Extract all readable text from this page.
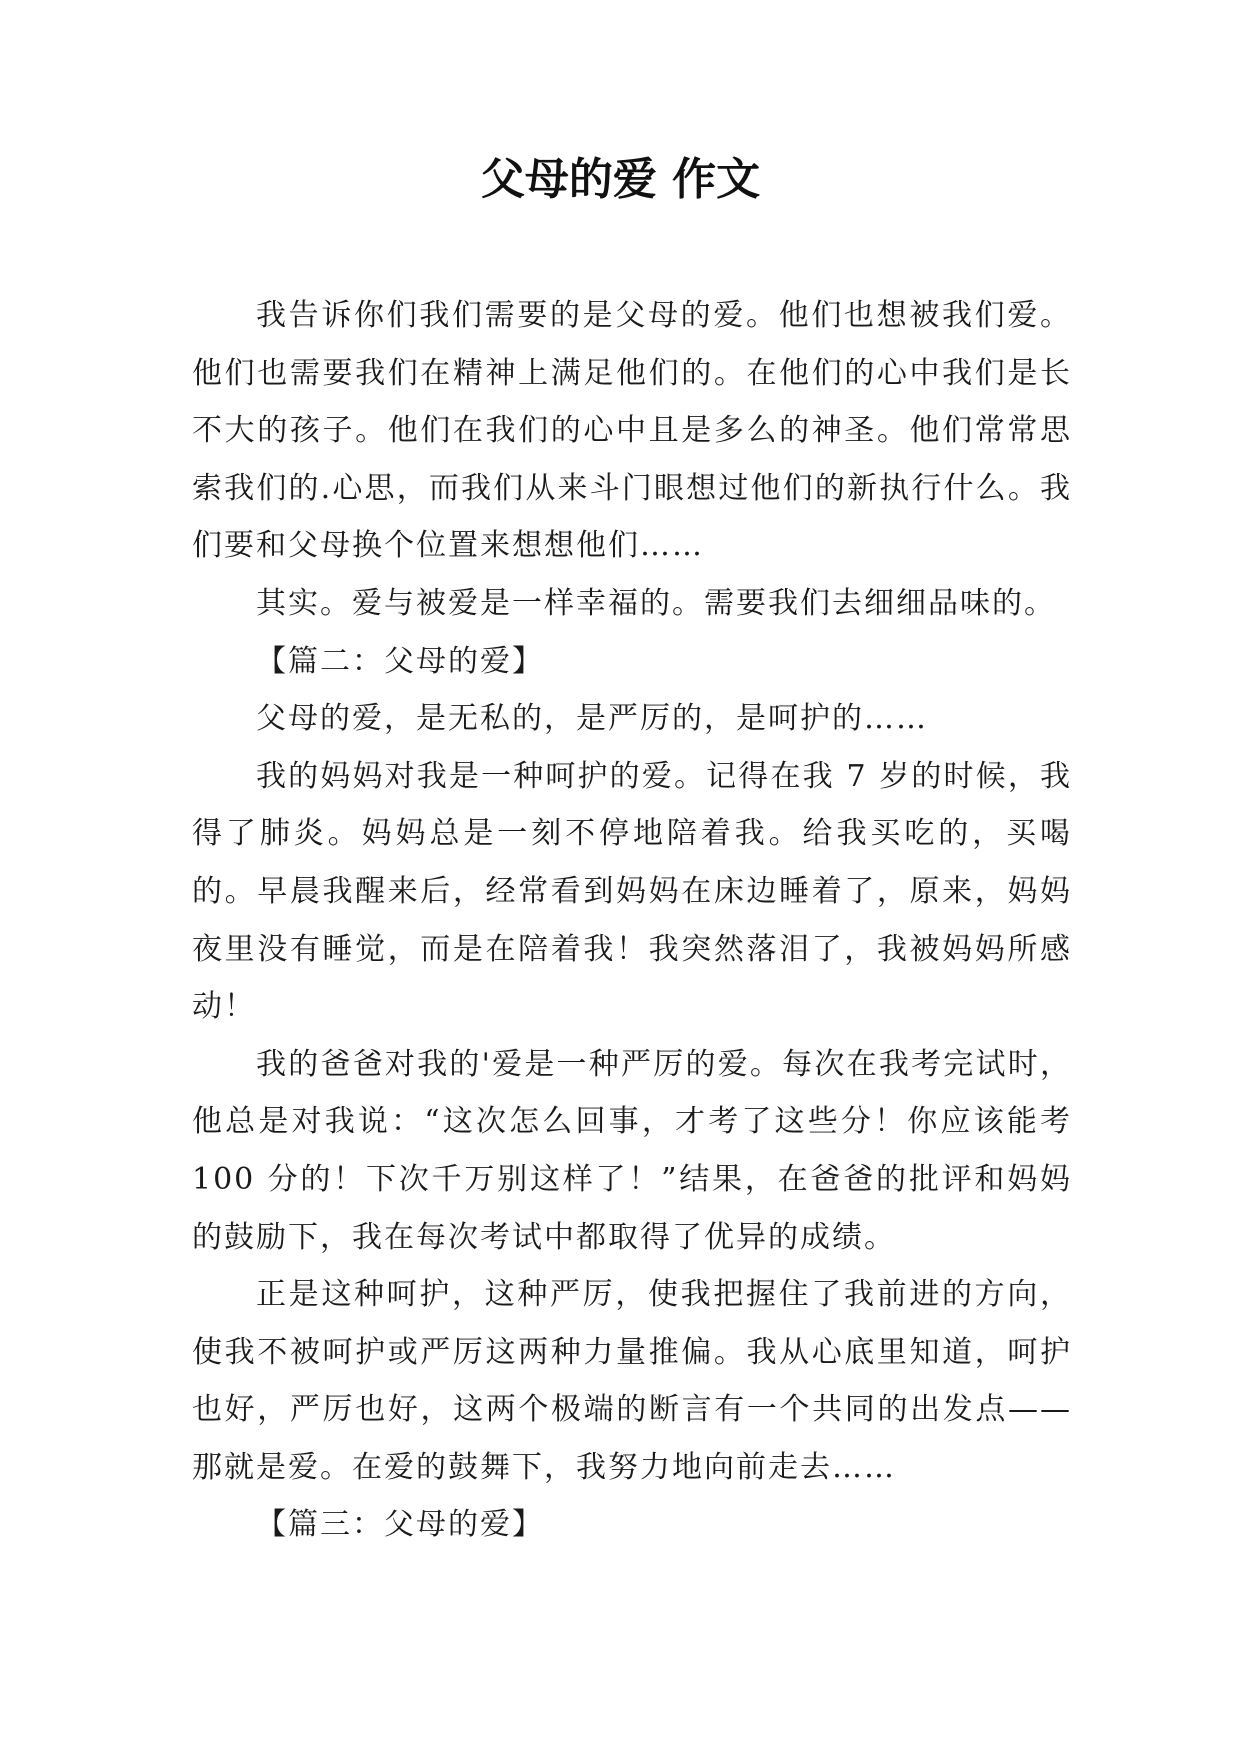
父母的爱 作文

我告诉你们我们需要的是父母的爱。他们也想被我们爱。他们也需要我们在精神上满足他们的。在他们的心中我们是长不大的孩子。他们在我们的心中且是多么的神圣。他们常常思索我们的.心思，而我们从来斗门眼想过他们的新执行什么。我们要和父母换个位置来想想他们……

其实。爱与被爱是一样幸福的。需要我们去细细品味的。

【篇二：父母的爱】

父母的爱，是无私的，是严厉的，是呵护的……

我的妈妈对我是一种呵护的爱。记得在我 7 岁的时候，我得了肺炎。妈妈总是一刻不停地陪着我。给我买吃的，买喝的。早晨我醒来后，经常看到妈妈在床边睡着了，原来，妈妈夜里没有睡觉，而是在陪着我！我突然落泪了，我被妈妈所感动！

我的爸爸对我的'爱是一种严厉的爱。每次在我考完试时，他总是对我说：“这次怎么回事，才考了这些分！你应该能考 100 分的！下次千万别这样了！”结果，在爸爸的批评和妈妈的鼓励下，我在每次考试中都取得了优异的成绩。

正是这种呵护，这种严厉，使我把握住了我前进的方向，使我不被呵护或严厉这两种力量推偏。我从心底里知道，呵护也好，严厉也好，这两个极端的断言有一个共同的出发点——那就是爱。在爱的鼓舞下，我努力地向前走去……

【篇三：父母的爱】
